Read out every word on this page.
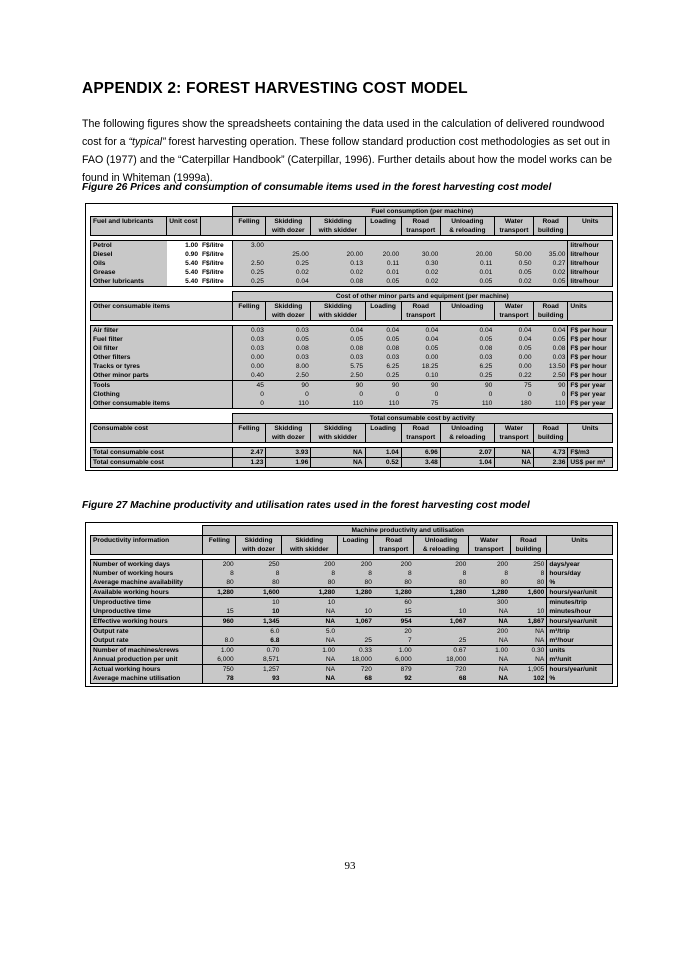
APPENDIX 2: FOREST HARVESTING COST MODEL
The following figures show the spreadsheets containing the data used in the calculation of delivered roundwood cost for a “typical” forest harvesting operation. These follow standard production cost methodologies as set out in FAO (1977) and the “Caterpillar Handbook” (Caterpillar, 1996). Further details about how the model works can be found in Whiteman (1999a).
Figure 26 Prices and consumption of consumable items used in the forest harvesting cost model
			Fuel consumption (per machine)								
Fuel and lubricants	Unit cost		Felling	Skidding	Skidding	Loading	Road	Unloading	Water	Road	Units
				with dozer	with skidder		transport	& reloading	transport	building	

Petrol	1.00	F$/litre	3.00								litre/hour
Diesel	0.90	F$/litre		25.00	20.00	20.00	30.00	20.00	50.00	35.00	litre/hour
Oils	5.40	F$/litre	2.50	0.25	0.13	0.11	0.30	0.11	0.50	0.27	litre/hour
Grease	5.40	F$/litre	0.25	0.02	0.02	0.01	0.02	0.01	0.05	0.02	litre/hour
Other lubricants	5.40	F$/litre	0.25	0.04	0.08	0.05	0.02	0.05	0.02	0.05	litre/hour

			Cost of other minor parts and equipment (per machine)								
Other consumable items			Felling	Skidding	Skidding	Loading	Road	Unloading	Water	Road	Units
				with dozer	with skidder		transport		transport	building	

Air filter			0.03	0.03	0.04	0.04	0.04	0.04	0.04	0.04	F$ per hour
Fuel filter			0.03	0.05	0.05	0.05	0.04	0.05	0.04	0.05	F$ per hour
Oil filter			0.03	0.08	0.08	0.08	0.05	0.08	0.05	0.08	F$ per hour
Other filters			0.00	0.03	0.03	0.03	0.00	0.03	0.00	0.03	F$ per hour
Tracks or tyres			0.00	8.00	5.75	6.25	18.25	6.25	0.00	13.50	F$ per hour
Other minor parts			0.40	2.50	2.50	0.25	0.10	0.25	0.22	2.50	F$ per hour
Tools			45	90	90	90	90	90	75	90	F$ per year
Clothing			0	0	0	0	0	0	0	0	F$ per year
Other consumable items			0	110	110	110	75	110	180	110	F$ per year

			Total consumable cost by activity								
Consumable cost			Felling	Skidding	Skidding	Loading	Road	Unloading	Water	Road	Units
				with dozer	with skidder		transport	& reloading	transport	building	

Total consumable cost			2.47	3.93	NA	1.04	6.96	2.07	NA	4.73	F$/m3
Total consumable cost			1.23	1.96	NA	0.52	3.48	1.04	NA	2.36	US$ per m³
Figure 27 Machine productivity and utilisation rates used in the forest harvesting cost model
	Machine productivity and utilisation								
Productivity information	Felling	Skidding	Skidding	Loading	Road	Unloading	Water	Road	Units
		with dozer	with skidder		transport	& reloading	transport	building	

Number of working days	200	250	200	200	200	200	200	250	days/year
Number of working hours	8	8	8	8	8	8	8	8	hours/day
Average machine availability	80	80	80	80	80	80	80	80	%
Available working hours	1,280	1,600	1,280	1,280	1,280	1,280	1,280	1,600	hours/year/unit
Unproductive time		10	10		60		300		minutes/trip
Unproductive time	15	10	NA	10	15	10	NA	10	minutes/hour
Effective working hours	960	1,345	NA	1,067	954	1,067	NA	1,867	hours/year/unit
Output rate		6.0	5.0		20		200	NA	m³/trip
Output rate	8.0	6.8	NA	25	7	25	NA	NA	m³/hour
Number of machines/crews	1.00	0.70	1.00	0.33	1.00	0.67	1.00	0.30	units
Annual production per unit	6,000	8,571	NA	18,000	6,000	18,000	NA	NA	m³/unit
Actual working hours	750	1,257	NA	720	879	720	NA	1,905	hours/year/unit
Average machine utilisation	78	93	NA	68	92	68	NA	102	%
93
